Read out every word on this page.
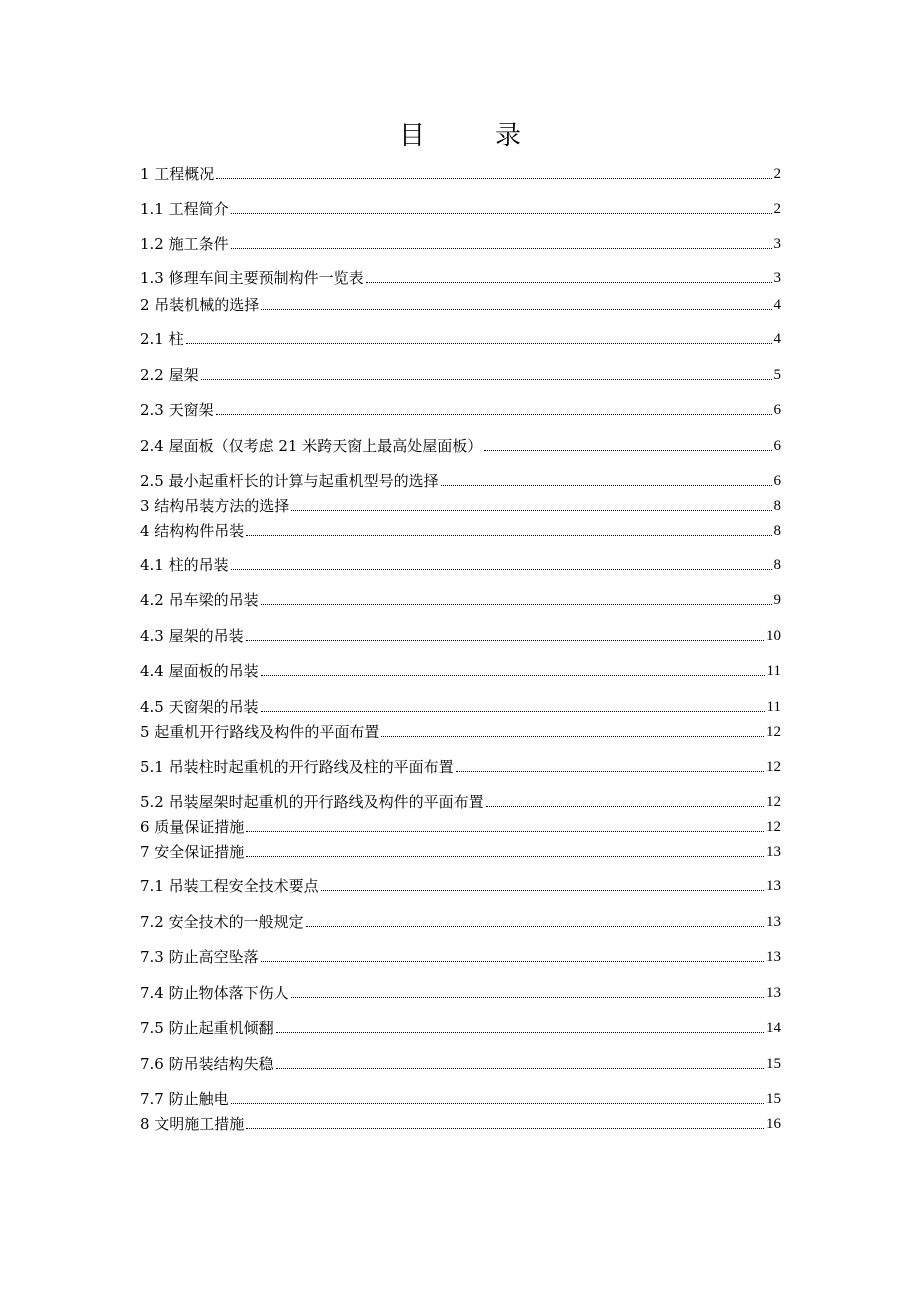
目　录
1 工程概况	2
1.1 工程简介	2
1.2 施工条件	3
1.3 修理车间主要预制构件一览表	3
2 吊装机械的选择	4
2.1 柱	4
2.2 屋架	5
2.3 天窗架	6
2.4 屋面板（仅考虑 21 米跨天窗上最高处屋面板）	6
2.5 最小起重杆长的计算与起重机型号的选择	6
3 结构吊装方法的选择	8
4 结构构件吊装	8
4.1 柱的吊装	8
4.2 吊车梁的吊装	9
4.3 屋架的吊装	10
4.4 屋面板的吊装	11
4.5 天窗架的吊装	11
5 起重机开行路线及构件的平面布置	12
5.1 吊装柱时起重机的开行路线及柱的平面布置	12
5.2 吊装屋架时起重机的开行路线及构件的平面布置	12
6 质量保证措施	12
7 安全保证措施	13
7.1 吊装工程安全技术要点	13
7.2 安全技术的一般规定	13
7.3 防止高空坠落	13
7.4 防止物体落下伤人	13
7.5 防止起重机倾翻	14
7.6 防吊装结构失稳	15
7.7 防止触电	15
8 文明施工措施	16
